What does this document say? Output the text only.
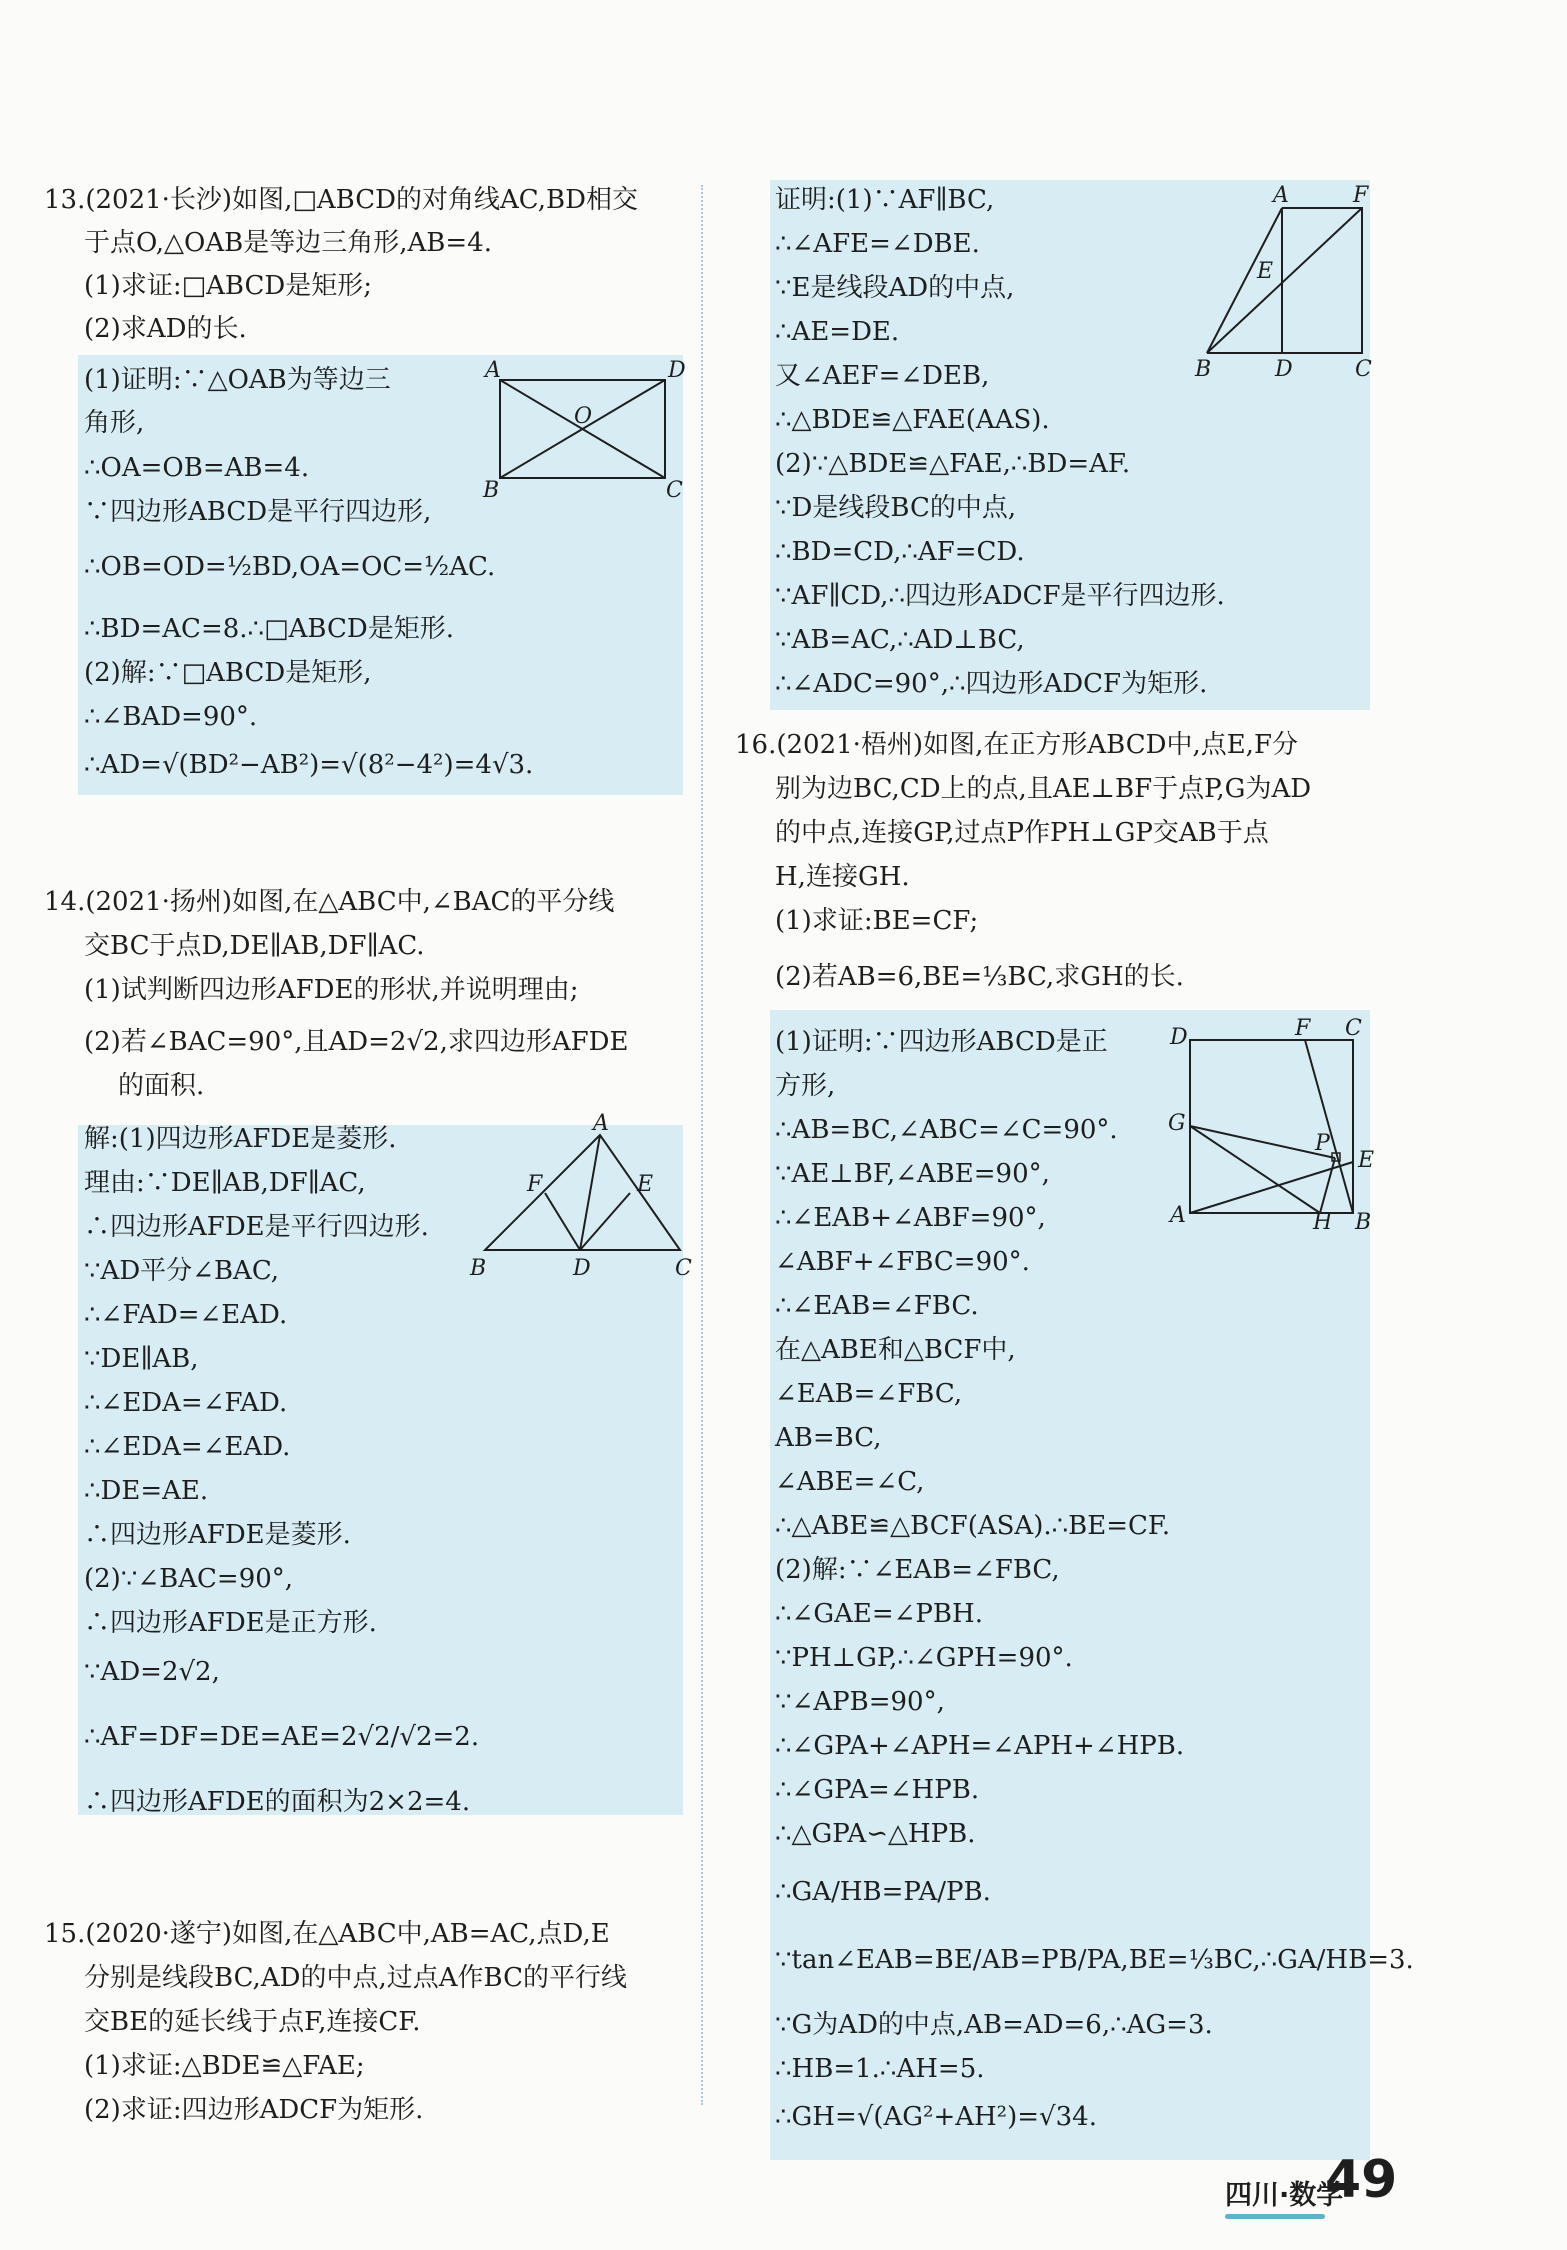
13.(2021·长沙)如图,□ABCD的对角线AC,BD相交
于点O,△OAB是等边三角形,AB=4.
(1)求证:□ABCD是矩形;
(2)求AD的长.
(1)证明:∵△OAB为等边三
角形,
∴OA=OB=AB=4.
∵四边形ABCD是平行四边形,
∴OB=OD=½BD,OA=OC=½AC.
∴BD=AC=8.∴□ABCD是矩形.
(2)解:∵□ABCD是矩形,
∴∠BAD=90°.
∴AD=√(BD²−AB²)=√(8²−4²)=4√3.
A	D
O
B	C
14.(2021·扬州)如图,在△ABC中,∠BAC的平分线
交BC于点D,DE∥AB,DF∥AC.
(1)试判断四边形AFDE的形状,并说明理由;
(2)若∠BAC=90°,且AD=2√2,求四边形AFDE
的面积.
解:(1)四边形AFDE是菱形.
理由:∵DE∥AB,DF∥AC,
∴四边形AFDE是平行四边形.
∵AD平分∠BAC,
∴∠FAD=∠EAD.
∵DE∥AB,
∴∠EDA=∠FAD.
∴∠EDA=∠EAD.
∴DE=AE.
∴四边形AFDE是菱形.
(2)∵∠BAC=90°,
∴四边形AFDE是正方形.
∵AD=2√2,
∴AF=DF=DE=AE=2√2/√2=2.
∴四边形AFDE的面积为2×2=4.
A
F	E
B	D	C
15.(2020·遂宁)如图,在△ABC中,AB=AC,点D,E
分别是线段BC,AD的中点,过点A作BC的平行线
交BE的延长线于点F,连接CF.
(1)求证:△BDE≌△FAE;
(2)求证:四边形ADCF为矩形.
证明:(1)∵AF∥BC,
∴∠AFE=∠DBE.
∵E是线段AD的中点,
∴AE=DE.
又∠AEF=∠DEB,
∴△BDE≌△FAE(AAS).
(2)∵△BDE≌△FAE,∴BD=AF.
∵D是线段BC的中点,
∴BD=CD,∴AF=CD.
∵AF∥CD,∴四边形ADCF是平行四边形.
∵AB=AC,∴AD⊥BC,
∴∠ADC=90°,∴四边形ADCF为矩形.
A	F
E
B	D	C
16.(2021·梧州)如图,在正方形ABCD中,点E,F分
别为边BC,CD上的点,且AE⊥BF于点P,G为AD
的中点,连接GP,过点P作PH⊥GP交AB于点
H,连接GH.
(1)求证:BE=CF;
(2)若AB=6,BE=⅓BC,求GH的长.
(1)证明:∵四边形ABCD是正
方形,
∴AB=BC,∠ABC=∠C=90°.
∵AE⊥BF,∠ABE=90°,
∴∠EAB+∠ABF=90°,
∠ABF+∠FBC=90°.
∴∠EAB=∠FBC.
在△ABE和△BCF中,
∠EAB=∠FBC,
AB=BC,
∠ABE=∠C,
∴△ABE≌△BCF(ASA).∴BE=CF.
(2)解:∵∠EAB=∠FBC,
∴∠GAE=∠PBH.
∵PH⊥GP,∴∠GPH=90°.
∵∠APB=90°,
∴∠GPA+∠APH=∠APH+∠HPB.
∴∠GPA=∠HPB.
∴△GPA∽△HPB.
∴GA/HB=PA/PB.
∵tan∠EAB=BE/AB=PB/PA,BE=⅓BC,∴GA/HB=3.
∵G为AD的中点,AB=AD=6,∴AG=3.
∴HB=1.∴AH=5.
∴GH=√(AG²+AH²)=√34.
D	F C
G
P
E
A	H B
四川·数学
49
